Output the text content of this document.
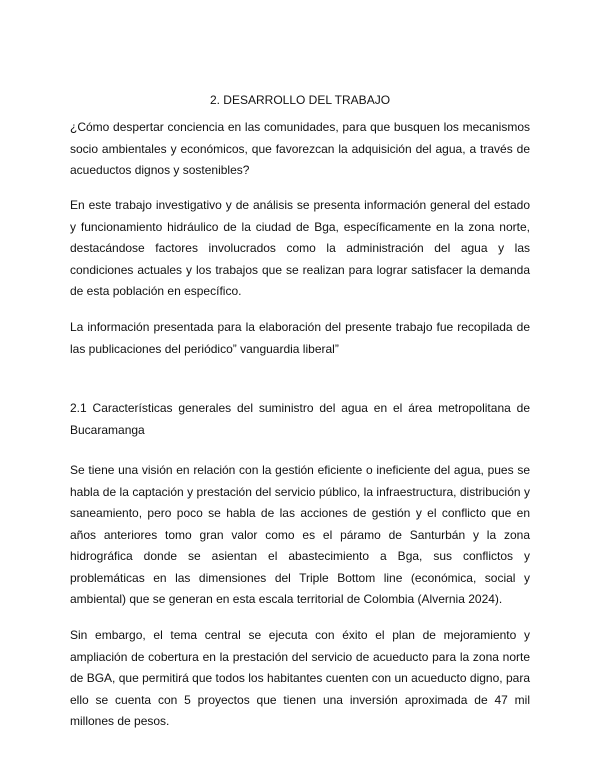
2. DESARROLLO DEL TRABAJO

¿Cómo despertar conciencia en las comunidades, para que busquen los mecanismos socio ambientales y económicos, que favorezcan la adquisición del agua, a través de acueductos dignos y sostenibles?

En este trabajo investigativo y de análisis se presenta información general del estado y funcionamiento hidráulico de la ciudad de Bga, específicamente en la zona norte, destacándose factores involucrados como la administración del agua y las condiciones actuales y los trabajos que se realizan para lograr satisfacer la demanda de esta población en específico.

La información presentada para la elaboración del presente trabajo fue recopilada de las publicaciones del periódico” vanguardia liberal”

2.1 Características generales del suministro del agua en el área metropolitana de Bucaramanga

Se tiene una visión en relación con la gestión eficiente o ineficiente del agua, pues se habla de la captación y prestación del servicio público, la infraestructura, distribución y saneamiento, pero poco se habla de las acciones de gestión y el conflicto que en años anteriores tomo gran valor como es el páramo de Santurbán y la zona hidrográfica donde se asientan el abastecimiento a Bga, sus conflictos y problemáticas en las dimensiones del Triple Bottom line (económica, social y ambiental) que se generan en esta escala territorial de Colombia (Alvernia 2024).

Sin embargo, el tema central se ejecuta con éxito el plan de mejoramiento y ampliación de cobertura en la prestación del servicio de acueducto para la zona norte de BGA, que permitirá que todos los habitantes cuenten con un acueducto digno, para ello se cuenta con 5 proyectos que tienen una inversión aproximada de 47 mil millones de pesos.
